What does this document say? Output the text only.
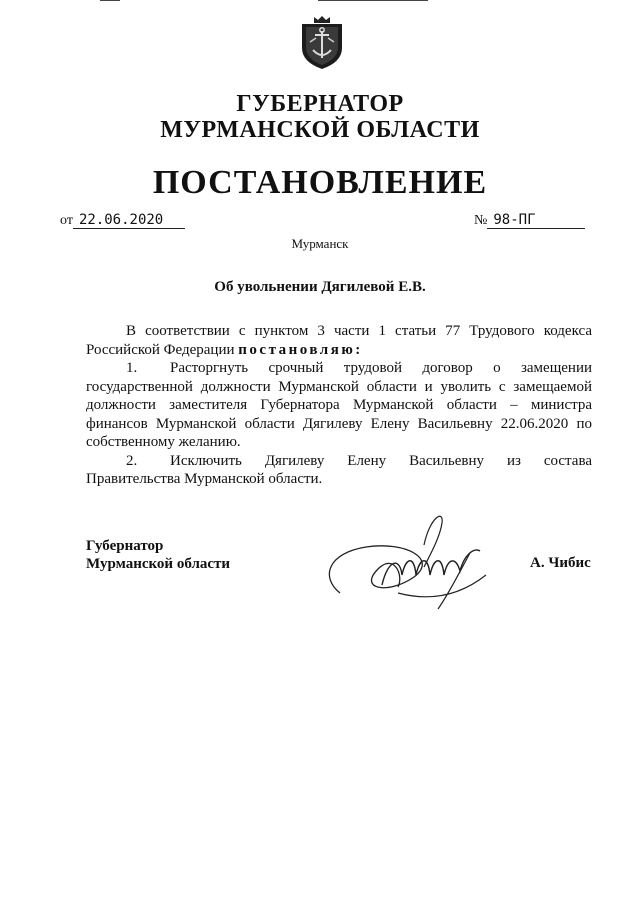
ГУБЕРНАТОР
МУРМАНСКОЙ ОБЛАСТИ
ПОСТАНОВЛЕНИЕ
от 22.06.2020	№ 98-ПГ
Мурманск
Об увольнении Дягилевой Е.В.

В соответствии с пунктом 3 части 1 статьи 77 Трудового кодекса Российской Федерации постановляю:

1. Расторгнуть срочный трудовой договор о замещении государственной должности Мурманской области и уволить с замещаемой должности заместителя Губернатора Мурманской области – министра финансов Мурманской области Дягилеву Елену Васильевну 22.06.2020 по собственному желанию.

2. Исключить Дягилеву Елену Васильевну из состава Правительства Мурманской области.

Губернатор
Мурманской области	А. Чибис
